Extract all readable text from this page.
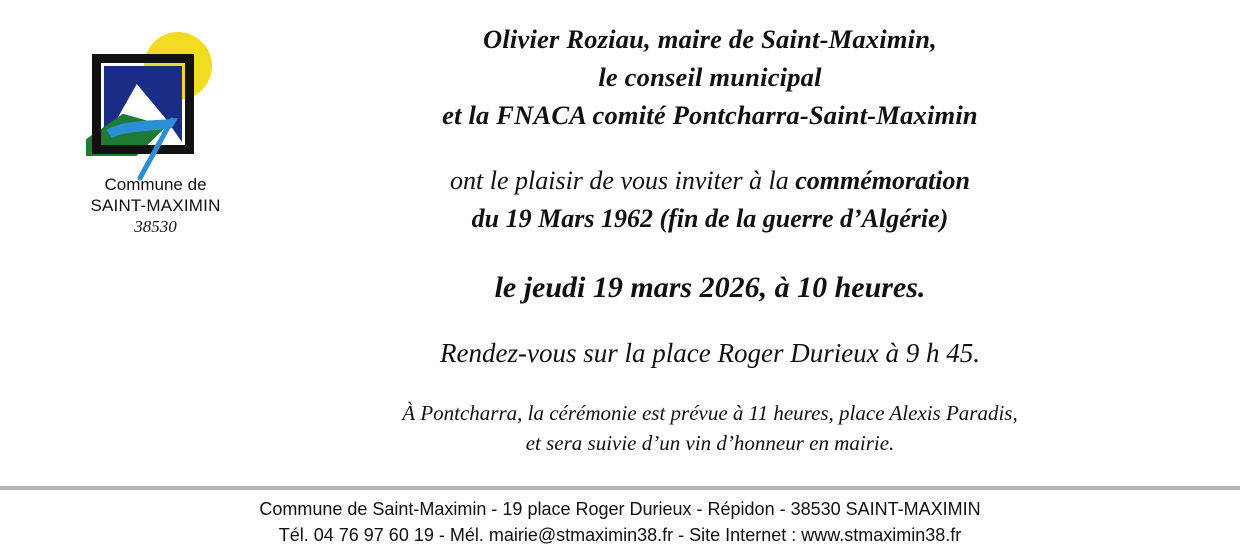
Commune de
SAINT-MAXIMIN
38530
Olivier Roziau, maire de Saint-Maximin,
le conseil municipal
et la FNACA comité Pontcharra-Saint-Maximin
ont le plaisir de vous inviter à la commémoration
du 19 Mars 1962 (fin de la guerre d’Algérie)
le jeudi 19 mars 2026, à 10 heures.
Rendez-vous sur la place Roger Durieux à 9 h 45.
À Pontcharra, la cérémonie est prévue à 11 heures, place Alexis Paradis,
et sera suivie d’un vin d’honneur en mairie.
Commune de Saint-Maximin - 19 place Roger Durieux - Répidon - 38530 SAINT-MAXIMIN
Tél. 04 76 97 60 19 - Mél. mairie@stmaximin38.fr - Site Internet : www.stmaximin38.fr
